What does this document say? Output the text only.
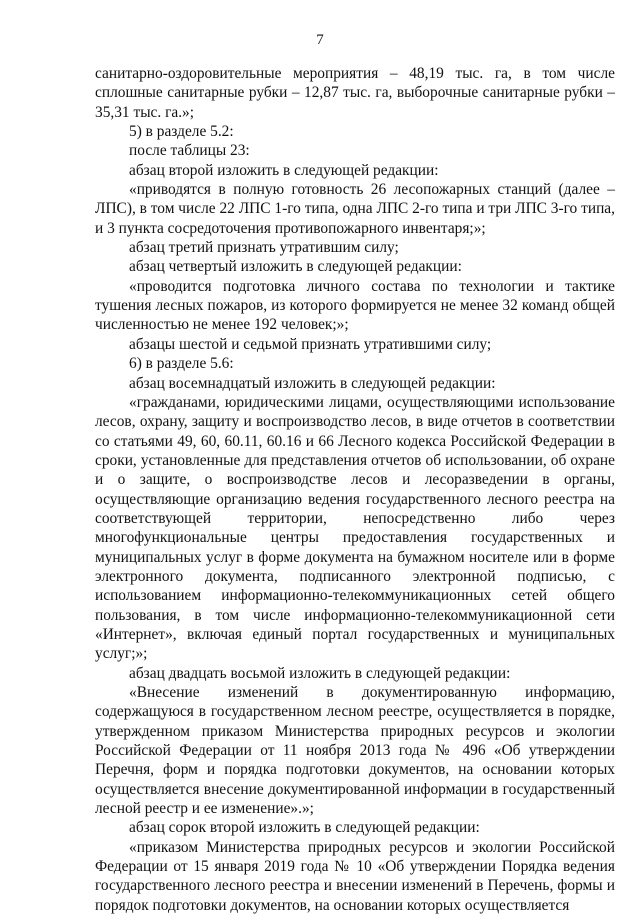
7

санитарно-оздоровительные мероприятия – 48,19 тыс. га, в том числе сплошные санитарные рубки – 12,87 тыс. га, выборочные санитарные рубки – 35,31 тыс. га.»;

5) в разделе 5.2:

после таблицы 23:

абзац второй изложить в следующей редакции:

«приводятся в полную готовность 26 лесопожарных станций (далее – ЛПС), в том числе 22 ЛПС 1-го типа, одна ЛПС 2-го типа и три ЛПС 3-го типа, и 3 пункта сосредоточения противопожарного инвентаря;»;

абзац третий признать утратившим силу;

абзац четвертый изложить в следующей редакции:

«проводится подготовка личного состава по технологии и тактике тушения лесных пожаров, из которого формируется не менее 32 команд общей численностью не менее 192 человек;»;

абзацы шестой и седьмой признать утратившими силу;

6) в разделе 5.6:

абзац восемнадцатый изложить в следующей редакции:

«гражданами, юридическими лицами, осуществляющими использование лесов, охрану, защиту и воспроизводство лесов, в виде отчетов в соответствии со статьями 49, 60, 60.11, 60.16 и 66 Лесного кодекса Российской Федерации в сроки, установленные для представления отчетов об использовании, об охране и о защите, о воспроизводстве лесов и лесоразведении в органы, осуществляющие организацию ведения государственного лесного реестра на соответствующей территории, непосредственно либо через многофункциональные центры предоставления государственных и муниципальных услуг в форме документа на бумажном носителе или в форме электронного документа, подписанного электронной подписью, с использованием информационно-телекоммуникационных сетей общего пользования, в том числе информационно-телекоммуникационной сети «Интернет», включая единый портал государственных и муниципальных услуг;»;

абзац двадцать восьмой изложить в следующей редакции:

«Внесение изменений в документированную информацию, содержащуюся в государственном лесном реестре, осуществляется в порядке, утвержденном приказом Министерства природных ресурсов и экологии Российской Федерации от 11 ноября 2013 года № 496 «Об утверждении Перечня, форм и порядка подготовки документов, на основании которых осуществляется внесение документированной информации в государственный лесной реестр и ее изменение».»;

абзац сорок второй изложить в следующей редакции:

«приказом Министерства природных ресурсов и экологии Российской Федерации от 15 января 2019 года № 10 «Об утверждении Порядка ведения государственного лесного реестра и внесении изменений в Перечень, формы и порядок подготовки документов, на основании которых осуществляется
